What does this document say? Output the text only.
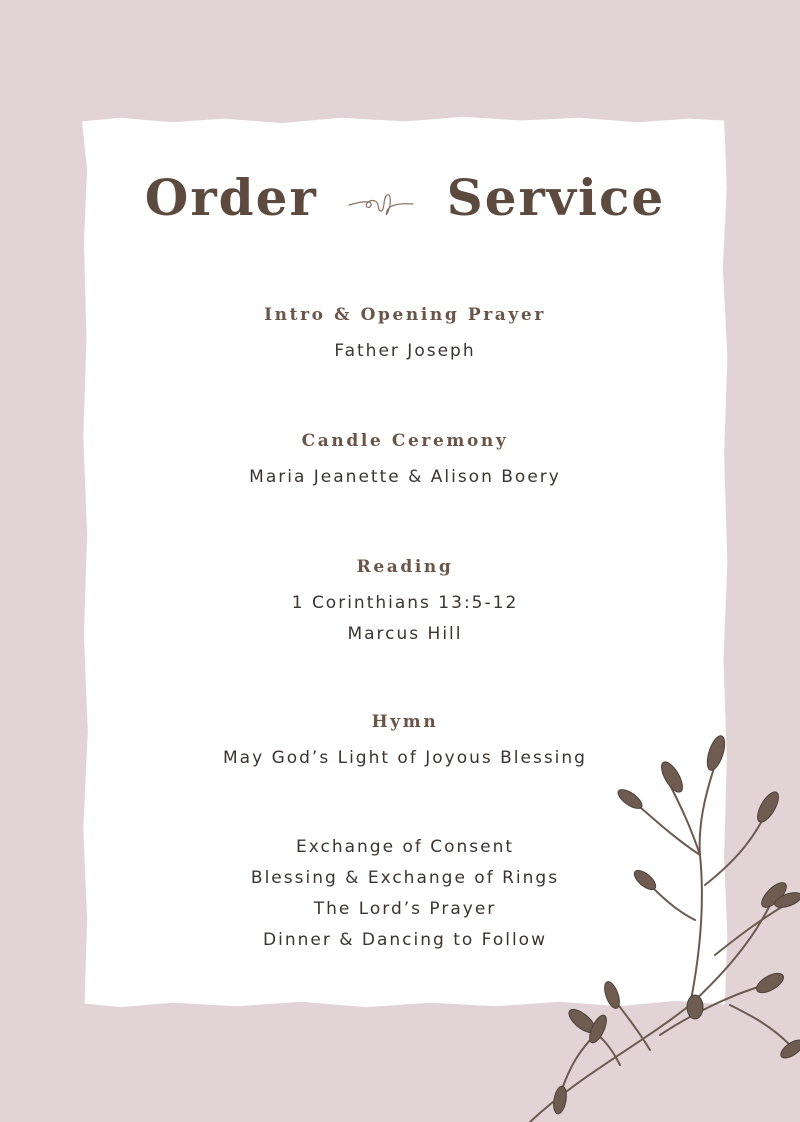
Order	Service

Intro & Opening Prayer

Father Joseph

Candle Ceremony

Maria Jeanette & Alison Boery

Reading

1 Corinthians 13:5-12

Marcus Hill

Hymn

May God’s Light of Joyous Blessing

Exchange of Consent

Blessing & Exchange of Rings

The Lord’s Prayer

Dinner & Dancing to Follow
